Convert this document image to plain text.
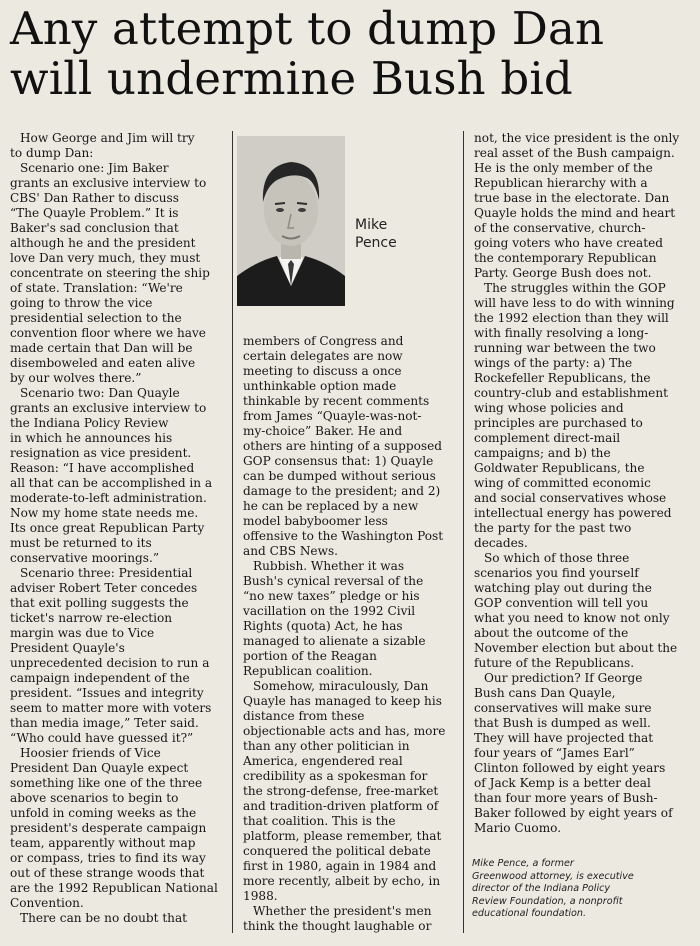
Any attempt to dump Dan
will undermine Bush bid
How George and Jim will try
to dump Dan:
Scenario one: Jim Baker
grants an exclusive interview to
CBS' Dan Rather to discuss
“The Quayle Problem.” It is
Baker's sad conclusion that
although he and the president
love Dan very much, they must
concentrate on steering the ship
of state. Translation: “We're
going to throw the vice
presidential selection to the
convention floor where we have
made certain that Dan will be
disemboweled and eaten alive
by our wolves there.”
Scenario two: Dan Quayle
grants an exclusive interview to
the Indiana Policy Review
in which he announces his
resignation as vice president.
Reason: “I have accomplished
all that can be accomplished in a
moderate-to-left administration.
Now my home state needs me.
Its once great Republican Party
must be returned to its
conservative moorings.”
Scenario three: Presidential
adviser Robert Teter concedes
that exit polling suggests the
ticket's narrow re-election
margin was due to Vice
President Quayle's
unprecedented decision to run a
campaign independent of the
president. “Issues and integrity
seem to matter more with voters
than media image,” Teter said.
“Who could have guessed it?”
Hoosier friends of Vice
President Dan Quayle expect
something like one of the three
above scenarios to begin to
unfold in coming weeks as the
president's desperate campaign
team, apparently without map
or compass, tries to find its way
out of these strange woods that
are the 1992 Republican National
Convention.
There can be no doubt that
Mike
Pence
members of Congress and
certain delegates are now
meeting to discuss a once
unthinkable option made
thinkable by recent comments
from James “Quayle-was-not-
my-choice” Baker. He and
others are hinting of a supposed
GOP consensus that: 1) Quayle
can be dumped without serious
damage to the president; and 2)
he can be replaced by a new
model babyboomer less
offensive to the Washington Post
and CBS News.
Rubbish. Whether it was
Bush's cynical reversal of the
“no new taxes” pledge or his
vacillation on the 1992 Civil
Rights (quota) Act, he has
managed to alienate a sizable
portion of the Reagan
Republican coalition.
Somehow, miraculously, Dan
Quayle has managed to keep his
distance from these
objectionable acts and has, more
than any other politician in
America, engendered real
credibility as a spokesman for
the strong-defense, free-market
and tradition-driven platform of
that coalition. This is the
platform, please remember, that
conquered the political debate
first in 1980, again in 1984 and
more recently, albeit by echo, in
1988.
Whether the president's men
think the thought laughable or
not, the vice president is the only
real asset of the Bush campaign.
He is the only member of the
Republican hierarchy with a
true base in the electorate. Dan
Quayle holds the mind and heart
of the conservative, church-
going voters who have created
the contemporary Republican
Party. George Bush does not.
The struggles within the GOP
will have less to do with winning
the 1992 election than they will
with finally resolving a long-
running war between the two
wings of the party: a) The
Rockefeller Republicans, the
country-club and establishment
wing whose policies and
principles are purchased to
complement direct-mail
campaigns; and b) the
Goldwater Republicans, the
wing of committed economic
and social conservatives whose
intellectual energy has powered
the party for the past two
decades.
So which of those three
scenarios you find yourself
watching play out during the
GOP convention will tell you
what you need to know not only
about the outcome of the
November election but about the
future of the Republicans.
Our prediction? If George
Bush cans Dan Quayle,
conservatives will make sure
that Bush is dumped as well.
They will have projected that
four years of “James Earl”
Clinton followed by eight years
of Jack Kemp is a better deal
than four more years of Bush-
Baker followed by eight years of
Mario Cuomo.
Mike Pence, a former
Greenwood attorney, is executive
director of the Indiana Policy
Review Foundation, a nonprofit
educational foundation.
